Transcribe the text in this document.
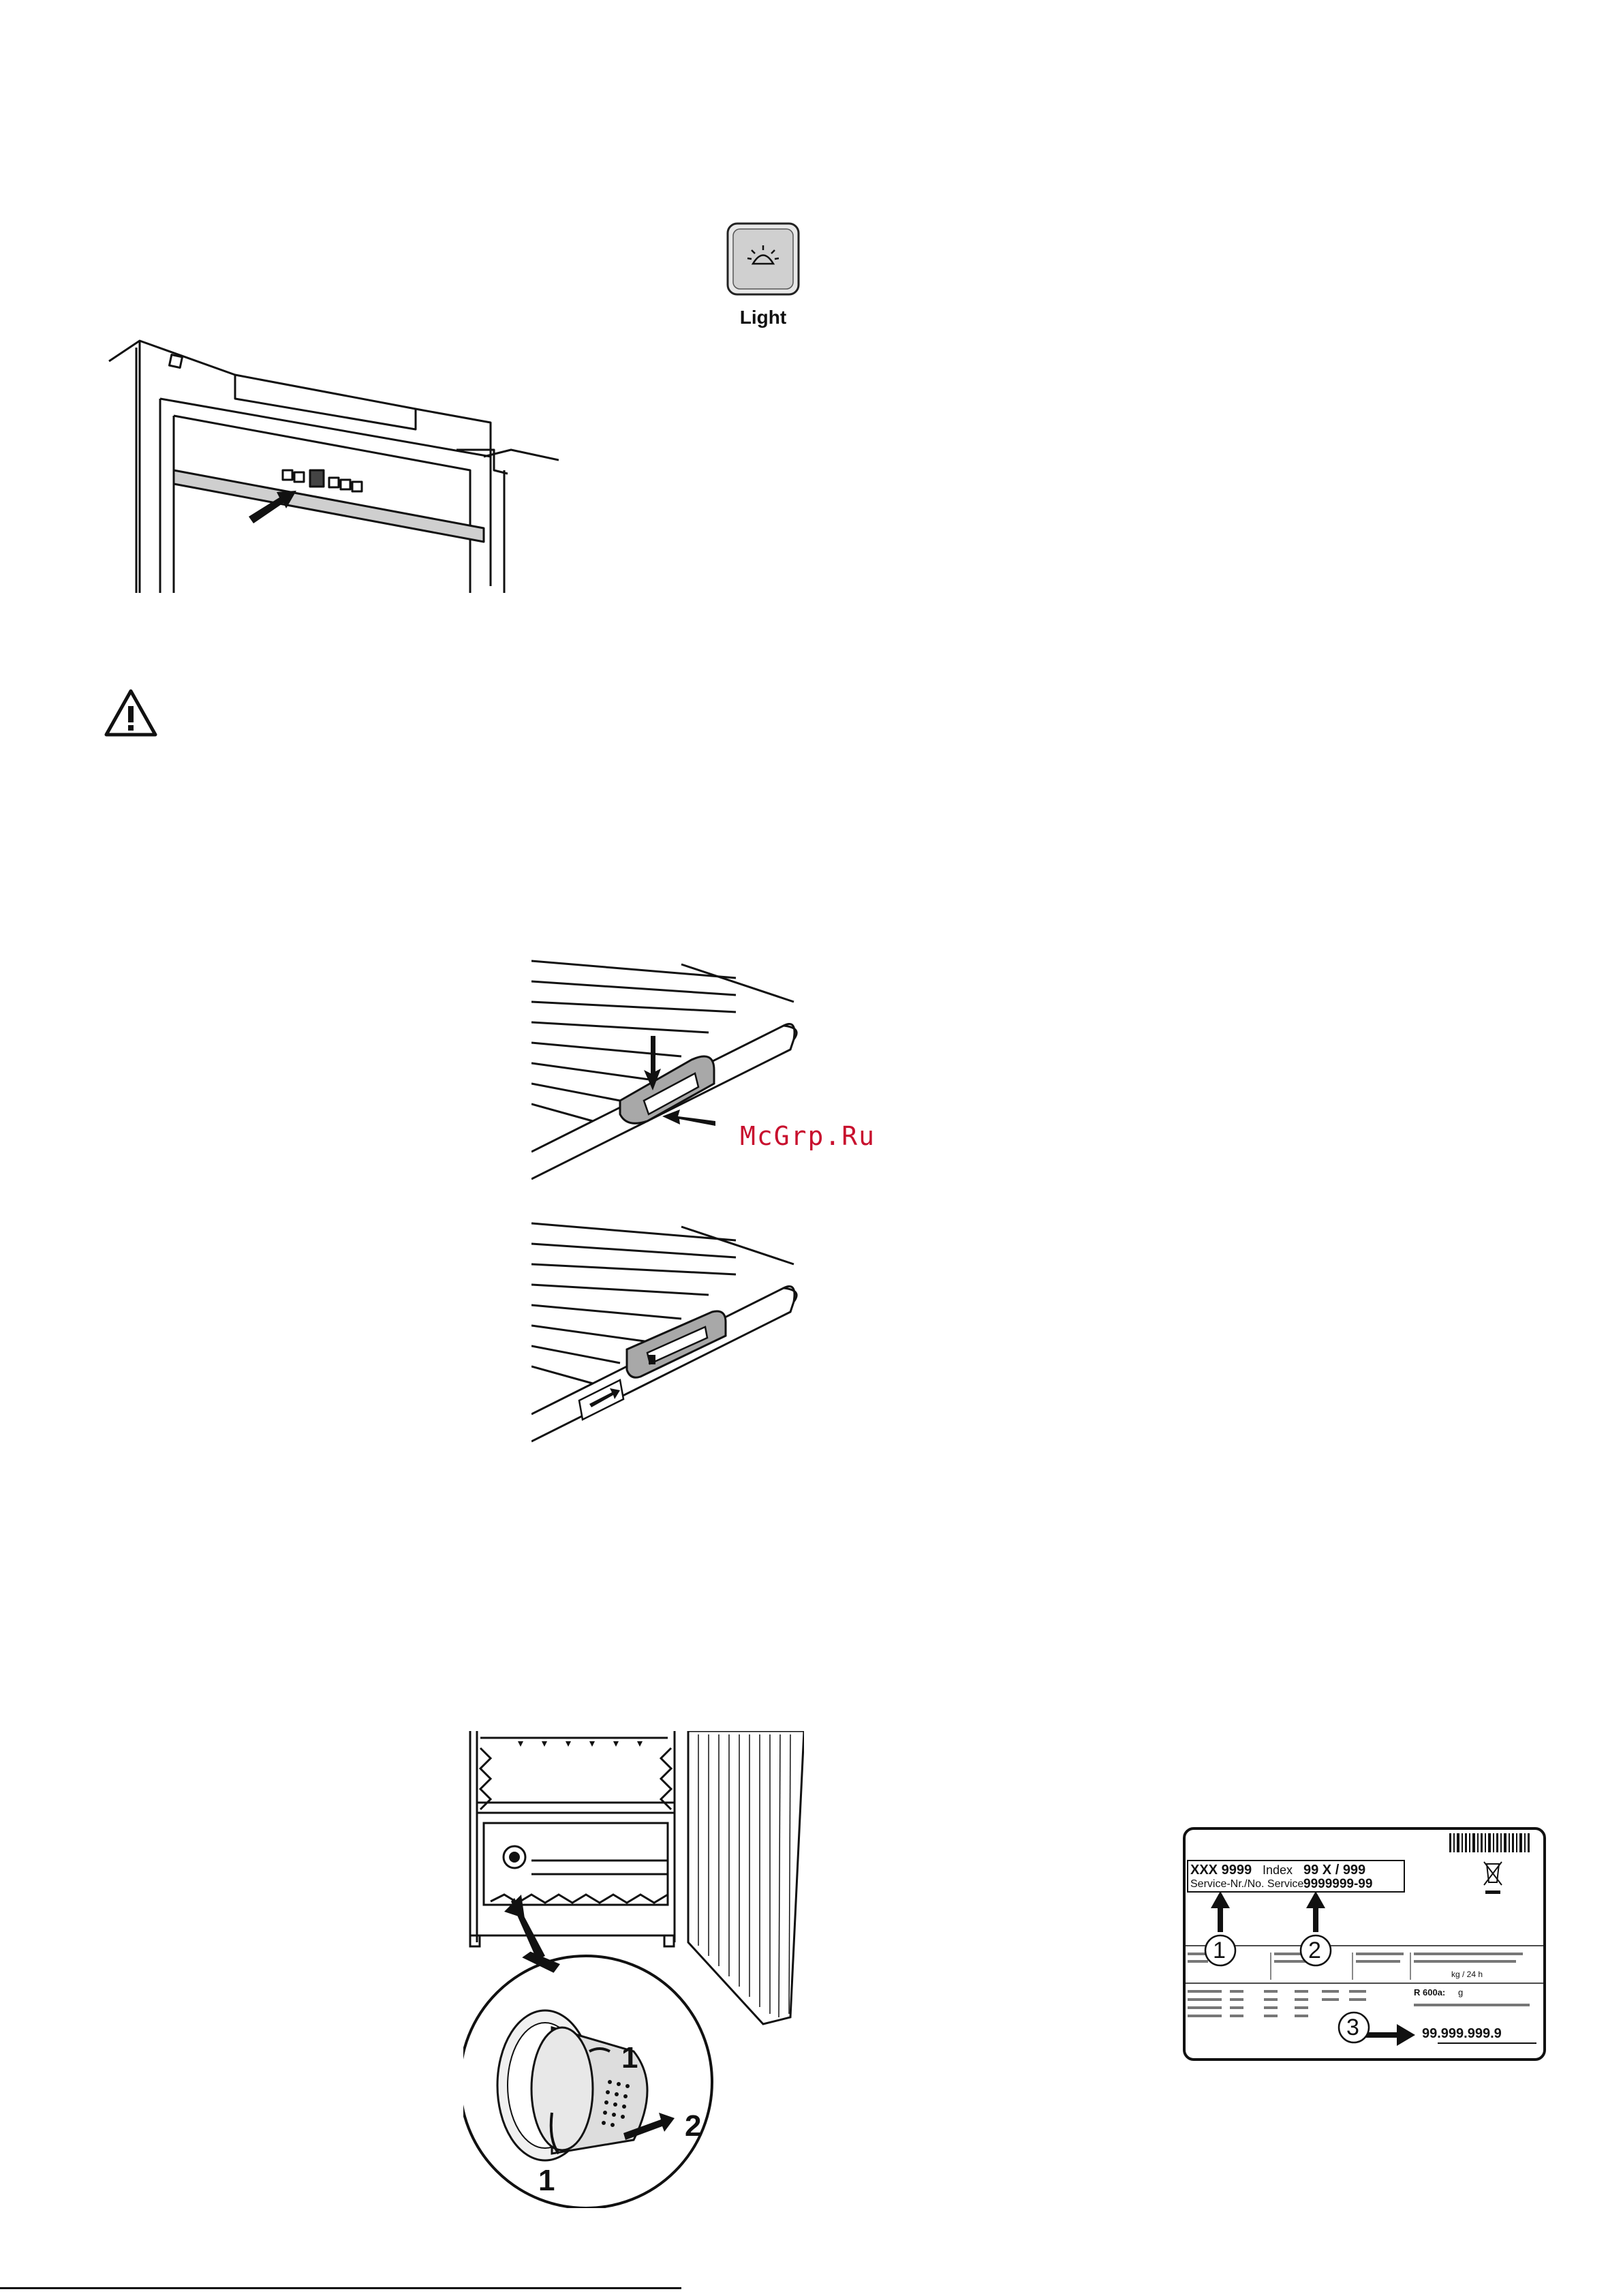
Light
McGrp.Ru
1
1
2
XXX 9999 Index 99 X / 999
Service-Nr./No. Service:
9999999-99
1	2
3
kg / 24 h
R 600a: g
99.999.999.9
